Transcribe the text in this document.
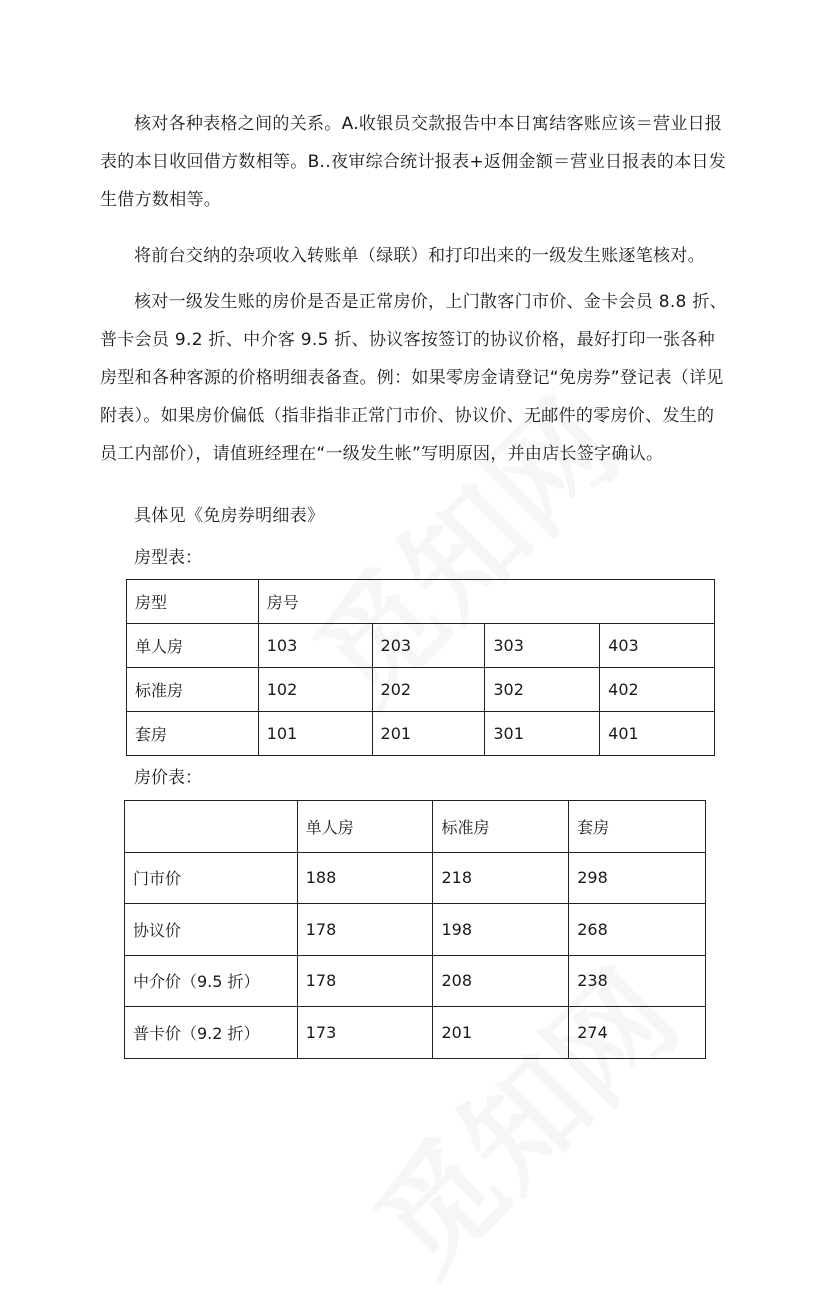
核对各种表格之间的关系。A.收银员交款报告中本日寓结客账应该＝营业日报表的本日收回借方数相等。B..夜审综合统计报表+返佣金额＝营业日报表的本日发生借方数相等。

将前台交纳的杂项收入转账单（绿联）和打印出来的一级发生账逐笔核对。

核对一级发生账的房价是否是正常房价，上门散客门市价、金卡会员 8.8 折、普卡会员 9.2 折、中介客 9.5 折、协议客按签订的协议价格，最好打印一张各种房型和各种客源的价格明细表备查。例：如果零房金请登记“免房券”登记表（详见附表）。如果房价偏低（指非指非正常门市价、协议价、无邮件的零房价、发生的员工内部价），请值班经理在“一级发生帐”写明原因，并由店长签字确认。

具体见《免房券明细表》

房型表：

房型	房号			
单人房	103	203	303	403
标准房	102	202	302	402
套房	101	201	301	401

房价表：

	单人房	标准房	套房
门市价	188	218	298
协议价	178	198	268
中介价（9.5 折）	178	208	238
普卡价（9.2 折）	173	201	274
